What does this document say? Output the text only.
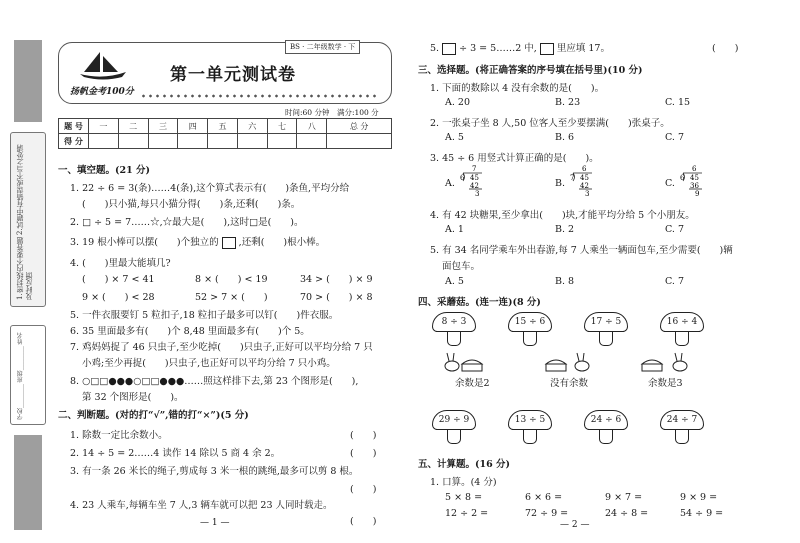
1.密封线内不要答题 2.试题中有错误或不当之处请及时反馈
学校________ 班级________ 姓名
BS · 二年级数学 · 下
扬帆金考100分
第一单元测试卷
时间:60 分钟　满分:100 分
题 号	一	二	三	四	五	六	七	八	总 分
得 分									
一、填空题。(21 分)
1. 22 ÷ 6 = 3(条)……4(条),这个算式表示有(　　)条鱼,平均分给
(　　)只小猫,每只小猫分得(　　)条,还剩(　　)条。
2. □ ÷ 5 = 7……☆,☆最大是(　　),这时□是(　　)。
3. 19 根小棒可以摆(　　)个独立的 ,还剩(　　)根小棒。
4. (　　)里最大能填几?
(　　) × 7 < 41	8 × (　　) < 19	34 > (　　) × 9
9 × (　　) < 28	52 > 7 × (　　)	70 > (　　) × 8
5. 一件衣服要钉 5 粒扣子,18 粒扣子最多可以钉(　　)件衣服。
6. 35 里面最多有(　　)个 8,48 里面最多有(　　)个 5。
7. 鸡妈妈捉了 46 只虫子,至少吃掉(　　)只虫子,正好可以平均分给 7 只
小鸡;至少再捉(　　)只虫子,也正好可以平均分给 7 只小鸡。
8. ○□□●●●○□□●●●……照这样排下去,第 23 个图形是(　　),
第 32 个图形是(　　)。
二、判断题。(对的打“√”,错的打“×”)(5 分)
1. 除数一定比余数小。	(　　)
2. 14 ÷ 5 = 2……4 读作 14 除以 5 商 4 余 2。	(　　)
3. 有一条 26 米长的绳子,剪成每 3 米一根的跳绳,最多可以剪 8 根。
(　　)
4. 23 人乘车,每辆车坐 7 人,3 辆车就可以把 23 人同时载走。
(　　)
— 1 —
5. ÷ 3 = 5……2 中, 里应填 17。	(　　)
三、选择题。(将正确答案的序号填在括号里)(10 分)
1. 下面的数除以 4 没有余数的是(　　)。
A. 20	B. 23	C. 15
2. 一张桌子坐 8 人,50 位客人至少要摆满(　　)张桌子。
A. 5	B. 6	C. 7
3. 45 ÷ 6 用竖式计算正确的是(　　)。
A.
7
6 45
42
3
B.
6
7 45
42
3
C.
6
6 45
36
9
4. 有 42 块糖果,至少拿出(　　)块,才能平均分给 5 个小朋友。
A. 1	B. 2	C. 7
5. 有 34 名同学乘车外出春游,每 7 人乘坐一辆面包车,至少需要(　　)辆
面包车。
A. 5	B. 8	C. 7
四、采蘑菇。(连一连)(8 分)
8 ÷ 3	15 ÷ 6	17 ÷ 5	16 ÷ 4
余数是2	没有余数	余数是3
29 ÷ 9	13 ÷ 5	24 ÷ 6	24 ÷ 7
五、计算题。(16 分)
1. 口算。(4 分)
5 × 8 =	6 × 6 =	9 × 7 =	9 × 9 =
12 ÷ 2 =	72 ÷ 9 =	24 ÷ 8 =	54 ÷ 9 =
— 2 —
